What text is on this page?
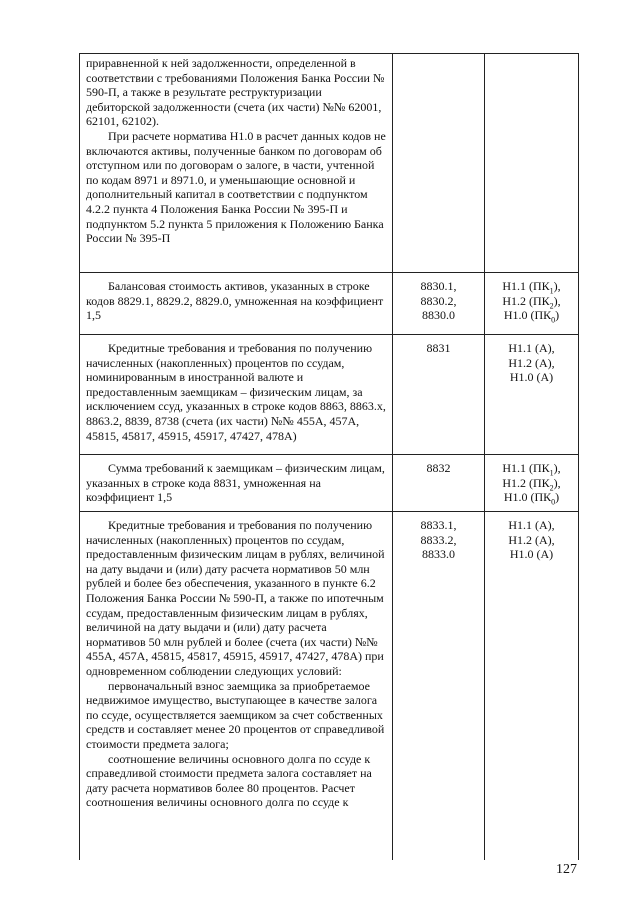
приравненной к ней задолженности, определенной в соответствии с требованиями Положения Банка России № 590-П, а также в результате реструктуризации дебиторской задолженности (счета (их части) №№ 62001, 62101, 62102).

При расчете норматива Н1.0 в расчет данных кодов не включаются активы, полученные банком по договорам об отступном или по договорам о залоге, в части, учтенной по кодам 8971 и 8971.0, и уменьшающие основной и дополнительный капитал в соответствии с подпунктом 4.2.2 пункта 4 Положения Банка России № 395-П и подпунктом 5.2 пункта 5 приложения к Положению Банка России № 395-П

Балансовая стоимость активов, указанных в строке кодов 8829.1, 8829.2, 8829.0, умноженная на коэффициент 1,5

8830.1,

8830.2,

8830.0

Н1.1 $(ПК_1)$,

Н1.2 $(ПК_2)$,

Н1.0 $(ПК_0)$

Кредитные требования и требования по получению начисленных (накопленных) процентов по ссудам, номинированным в иностранной валюте и предоставленным заемщикам – физическим лицам, за исключением ссуд, указанных в строке кодов 8863, 8863.х, 8863.2, 8839, 8738 (счета (их части) №№ 455А, 457А, 45815, 45817, 45915, 45917, 47427, 478А)

8831	Н1.1 (А),

Н1.2 (А),

Н1.0 (А)

Сумма требований к заемщикам – физическим лицам, указанных в строке кода 8831, умноженная на коэффициент 1,5

8832	Н1.1 $(ПК_1)$,

Н1.2 $(ПК_2)$,

Н1.0 $(ПК_0)$

Кредитные требования и требования по получению начисленных (накопленных) процентов по ссудам, предоставленным физическим лицам в рублях, величиной на дату выдачи и (или) дату расчета нормативов 50 млн рублей и более без обеспечения, указанного в пункте 6.2 Положения Банка России № 590-П, а также по ипотечным ссудам, предоставленным физическим лицам в рублях, величиной на дату выдачи и (или) дату расчета нормативов 50 млн рублей и более (счета (их части) №№ 455А, 457А, 45815, 45817, 45915, 45917, 47427, 478А) при одновременном соблюдении следующих условий:

первоначальный взнос заемщика за приобретаемое недвижимое имущество, выступающее в качестве залога по ссуде, осуществляется заемщиком за счет собственных средств и составляет менее 20 процентов от справедливой стоимости предмета залога;

соотношение величины основного долга по ссуде к справедливой стоимости предмета залога составляет на дату расчета нормативов более 80 процентов. Расчет соотношения величины основного долга по ссуде к

8833.1,

8833.2,

8833.0

Н1.1 (А),

Н1.2 (А),

Н1.0 (А)

127
